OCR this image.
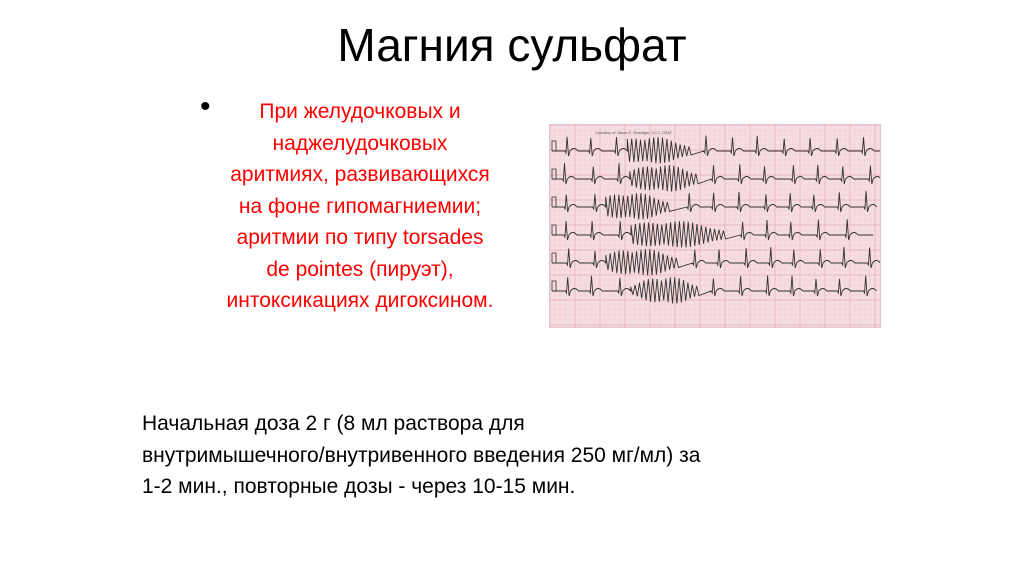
Магния сульфат
•	При желудочковых и
наджелудочковых
аритмиях, развивающихся
на фоне гипомагниемии;
аритмии по типу torsades
de pointes (пируэт),
интоксикациях дигоксином.
Courtesy of Jason E. Roediger, CCT, CRAT
Начальная доза 2 г (8 мл раствора для
внутримышечного/внутривенного введения 250 мг/мл) за
1-2 мин., повторные дозы - через 10-15 мин.
